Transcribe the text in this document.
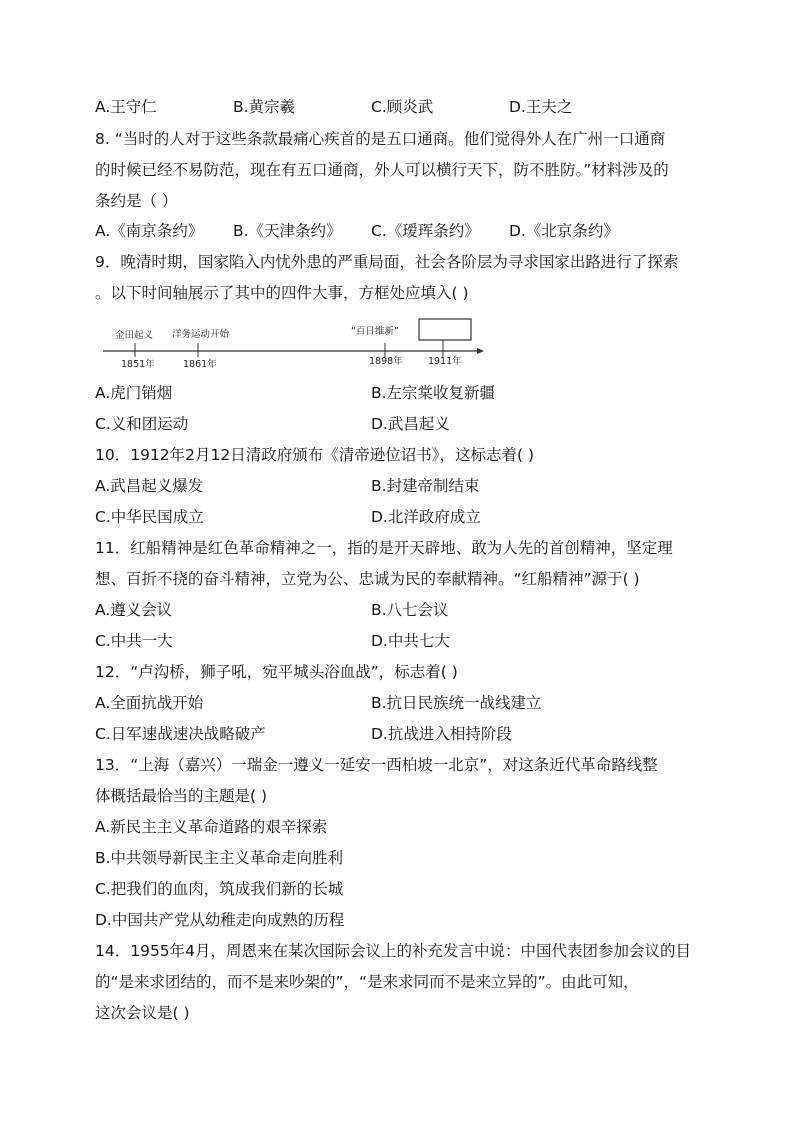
A.王守仁	B.黄宗羲	C.顾炎武	D.王夫之
8. “当时的人对于这些条款最痛心疾首的是五口通商。他们觉得外人在广州一口通商
的时候已经不易防范，现在有五口通商，外人可以横行天下，防不胜防。”材料涉及的
条约是（ ）
A.《南京条约》 B.《天津条约》 C.《瑷珲条约》 D.《北京条约》
9．晚清时期，国家陷入内忧外患的严重局面，社会各阶层为寻求国家出路进行了探索
。以下时间轴展示了其中的四件大事，方框处应填入( )
金田起义 洋务运动开始	“百日维新”
1851年	1861年	1898年	1911年
A.虎门销烟	B.左宗棠收复新疆
C.义和团运动	D.武昌起义
10．1912年2月12日清政府颁布《清帝逊位诏书》，这标志着( )
A.武昌起义爆发	B.封建帝制结束
C.中华民国成立	D.北洋政府成立
11．红船精神是红色革命精神之一，指的是开天辟地、敢为人先的首创精神，坚定理
想、百折不挠的奋斗精神，立党为公、忠诚为民的奉献精神。“红船精神”源于( )
A.遵义会议	B.八七会议
C.中共一大	D.中共七大
12．“卢沟桥，狮子吼，宛平城头浴血战”，标志着( )
A.全面抗战开始	B.抗日民族统一战线建立
C.日军速战速决战略破产	D.抗战进入相持阶段
13．“上海（嘉兴）一瑞金一遵义一延安一西柏坡一北京”，对这条近代革命路线整
体概括最恰当的主题是( )
A.新民主主义革命道路的艰辛探索
B.中共领导新民主主义革命走向胜利
C.把我们的血肉，筑成我们新的长城
D.中国共产党从幼稚走向成熟的历程
14．1955年4月，周恩来在某次国际会议上的补充发言中说：中国代表团参加会议的目
的“是来求团结的，而不是来吵架的”，“是来求同而不是来立异的”。由此可知，
这次会议是( )
